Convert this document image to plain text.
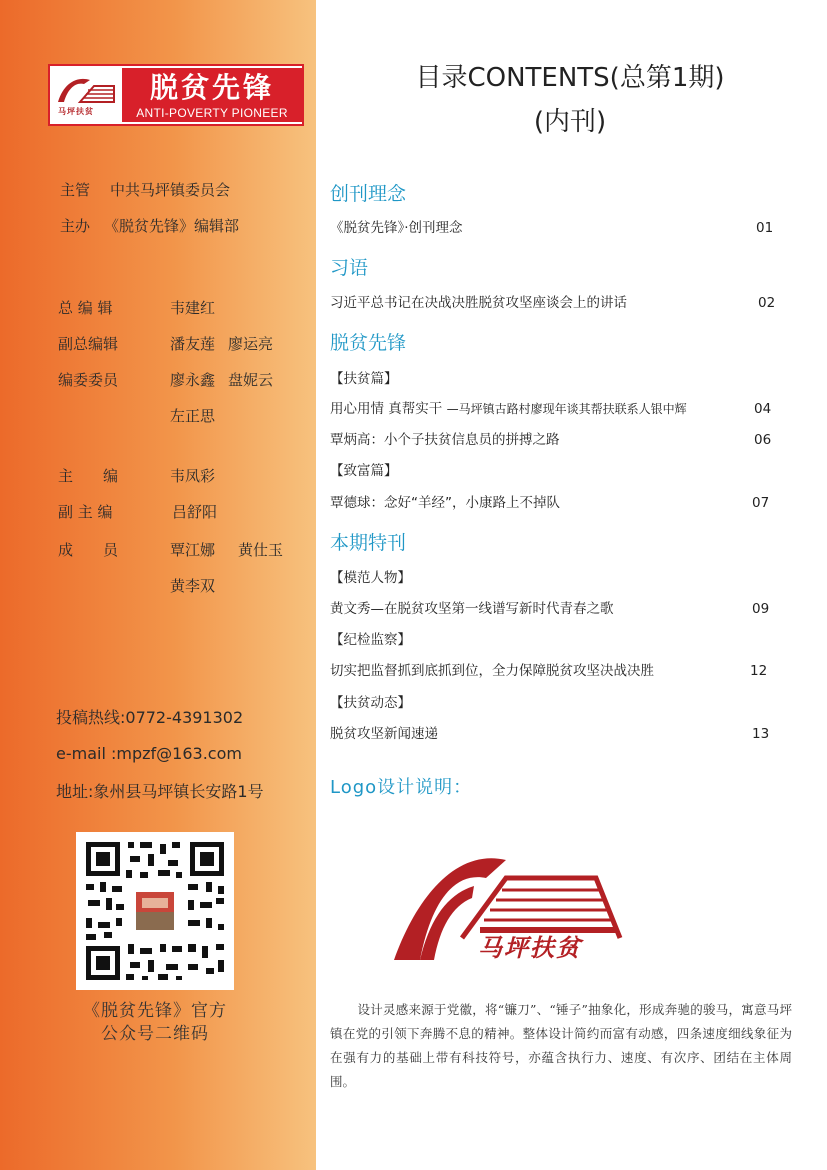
马坪扶贫
脱贫先锋
ANTI-POVERTY PIONEER
主管 中共马坪镇委员会
主办 《脱贫先锋》编辑部
总 编 辑	韦建红
副总编辑	潘友莲 廖运亮
编委委员	廖永鑫 盘妮云
左正思
主　　编	韦凤彩
副 主 编	吕舒阳
成　　员	覃江娜 黄仕玉
黄李双
投稿热线:0772-4391302
e-mail :mpzf@163.com
地址:象州县马坪镇长安路1号
《脱贫先锋》官方
公众号二维码
目录CONTENTS(总第1期)
(内刊)
创刊理念
《脱贫先锋》·创刊理念	01
习语
习近平总书记在决战决胜脱贫攻坚座谈会上的讲话	02
脱贫先锋
【扶贫篇】
用心用情 真帮实干 —马坪镇古路村廖现年谈其帮扶联系人银中辉	04
覃炳高：小个子扶贫信息员的拼搏之路	06
【致富篇】
覃德球：念好“羊经”，小康路上不掉队	07
本期特刊
【模范人物】
黄文秀—在脱贫攻坚第一线谱写新时代青春之歌	09
【纪检监察】
切实把监督抓到底抓到位，全力保障脱贫攻坚决战决胜	12
【扶贫动态】
脱贫攻坚新闻速递	13
Logo设计说明：
马坪扶贫
设计灵感来源于党徽，将“镰刀”、“锤子”抽象化，形成奔驰的骏马，寓意马坪镇在党的引领下奔腾不息的精神。整体设计简约而富有动感，四条速度细线象征为在强有力的基础上带有科技符号，亦蕴含执行力、速度、有次序、团结在主体周围。
